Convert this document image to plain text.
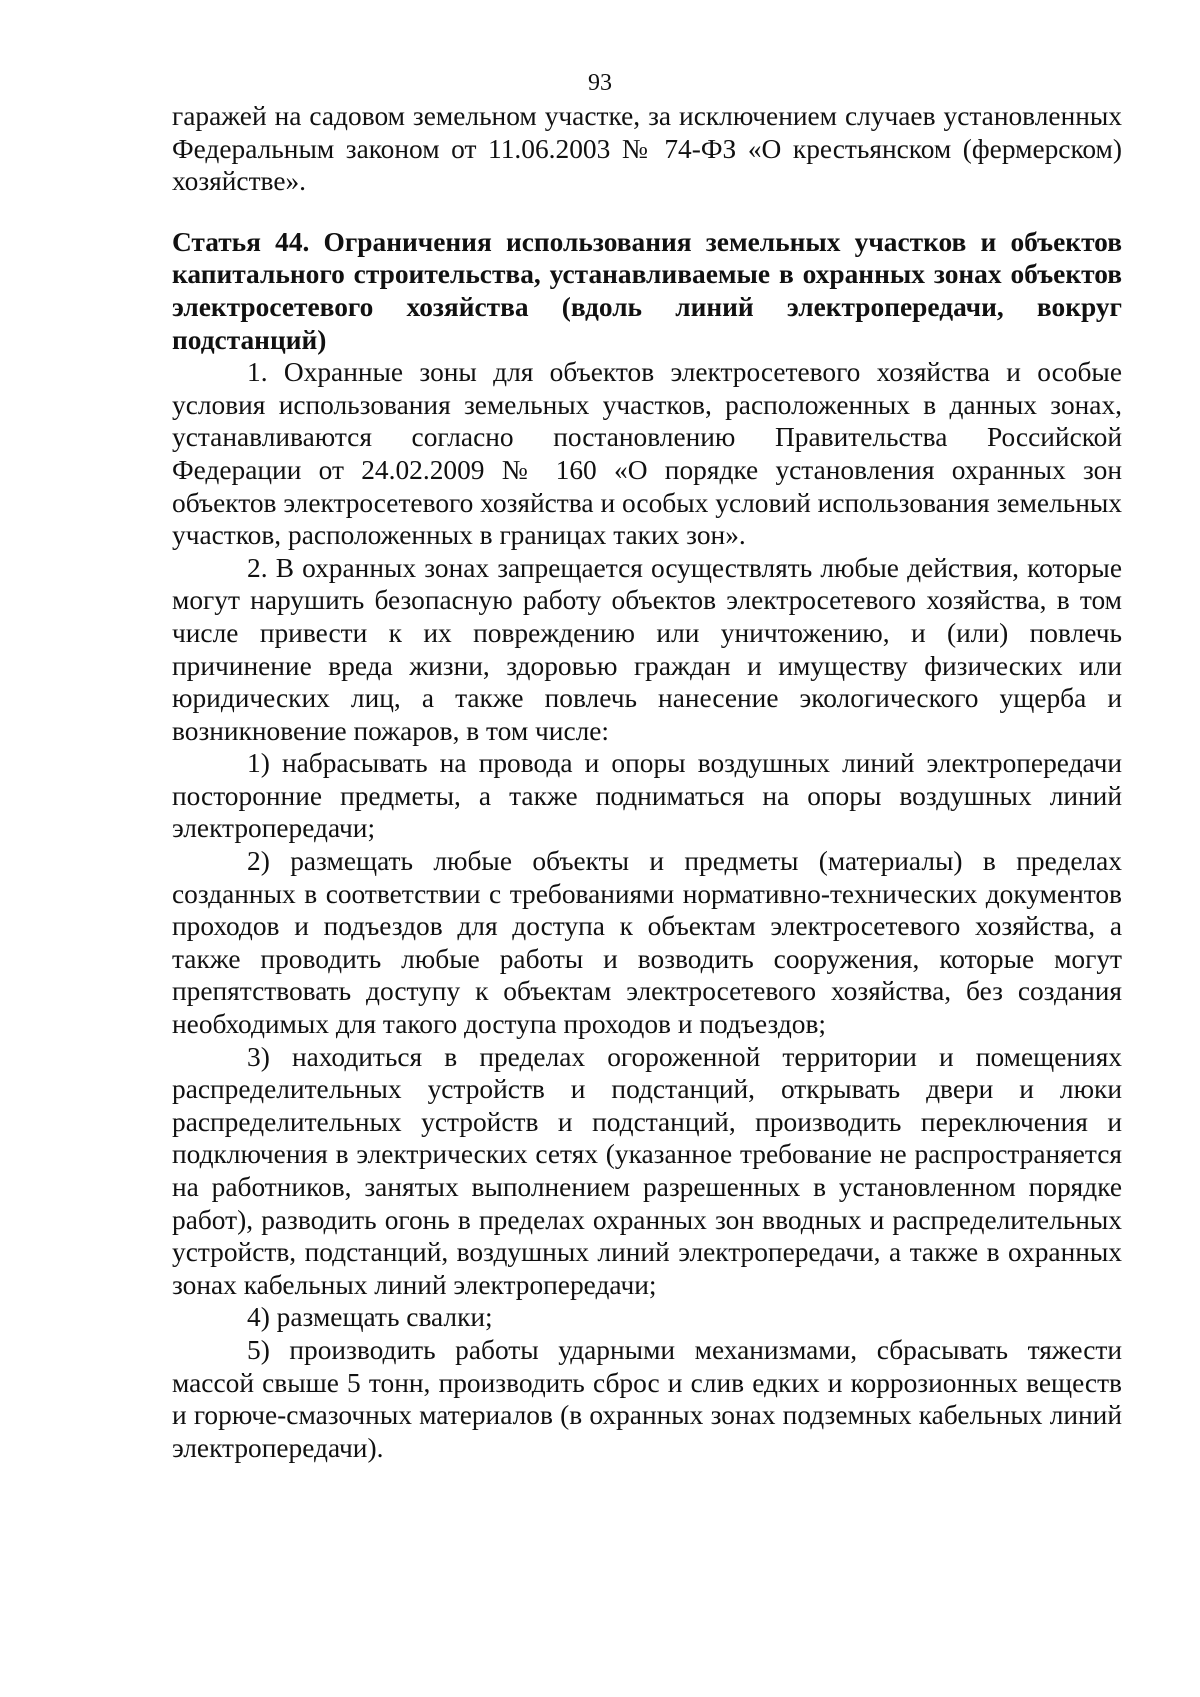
93

гаражей на садовом земельном участке, за исключением случаев установленных Федеральным законом от 11.06.2003 № 74-ФЗ «О крестьянском (фермерском) хозяйстве».

Статья 44. Ограничения использования земельных участков и объектов капитального строительства, устанавливаемые в охранных зонах объектов электросетевого хозяйства (вдоль линий электропередачи, вокруг подстанций)

1. Охранные зоны для объектов электросетевого хозяйства и особые условия использования земельных участков, расположенных в данных зонах, устанавливаются согласно постановлению Правительства Российской Федерации от 24.02.2009 № 160 «О порядке установления охранных зон объектов электросетевого хозяйства и особых условий использования земельных участков, расположенных в границах таких зон».

2. В охранных зонах запрещается осуществлять любые действия, которые могут нарушить безопасную работу объектов электросетевого хозяйства, в том числе привести к их повреждению или уничтожению, и (или) повлечь причинение вреда жизни, здоровью граждан и имуществу физических или юридических лиц, а также повлечь нанесение экологического ущерба и возникновение пожаров, в том числе:

1) набрасывать на провода и опоры воздушных линий электропередачи посторонние предметы, а также подниматься на опоры воздушных линий электропередачи;

2) размещать любые объекты и предметы (материалы) в пределах созданных в соответствии с требованиями нормативно-технических документов проходов и подъездов для доступа к объектам электросетевого хозяйства, а также проводить любые работы и возводить сооружения, которые могут препятствовать доступу к объектам электросетевого хозяйства, без создания необходимых для такого доступа проходов и подъездов;

3) находиться в пределах огороженной территории и помещениях распределительных устройств и подстанций, открывать двери и люки распределительных устройств и подстанций, производить переключения и подключения в электрических сетях (указанное требование не распространяется на работников, занятых выполнением разрешенных в установленном порядке работ), разводить огонь в пределах охранных зон вводных и распределительных устройств, подстанций, воздушных линий электропередачи, а также в охранных зонах кабельных линий электропередачи;

4) размещать свалки;

5) производить работы ударными механизмами, сбрасывать тяжести массой свыше 5 тонн, производить сброс и слив едких и коррозионных веществ и горюче-смазочных материалов (в охранных зонах подземных кабельных линий электропередачи).
